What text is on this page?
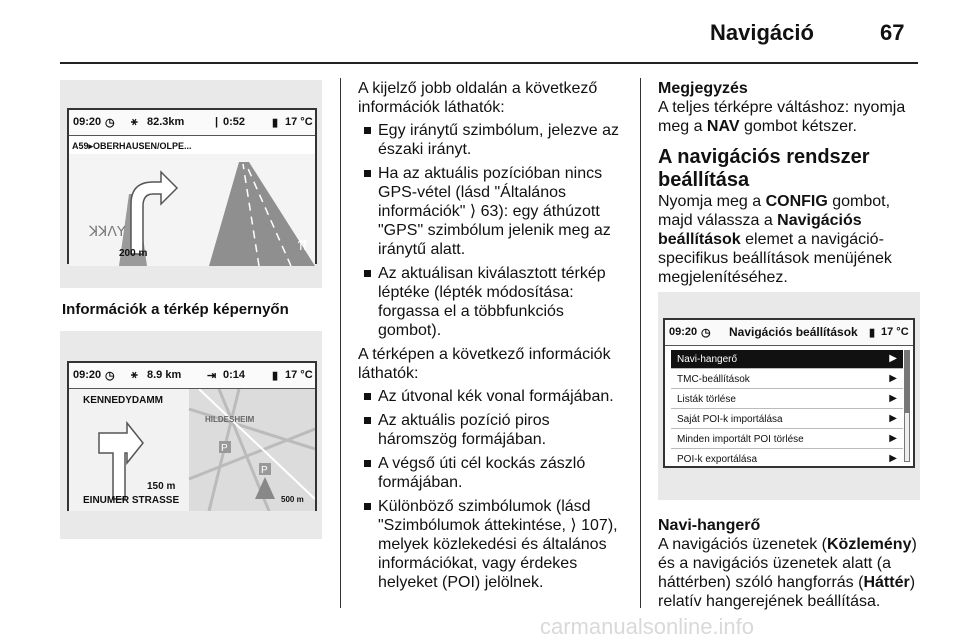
Navigáció	67
09:20 ◷ ⚹ 82.3km	| 0:52 ▮ 17 °C
A59▸OBERHAUSEN/OLPE...
ꓘꓘꓥꓬ
⇈
200 m
Információk a térkép képernyőn
09:20 ◷ ⚹ 8.9 km ⇥ 0:14 ▮ 17 °C
P
P
KENNEDYDAMM
HILDESHEIM
150 m
EINUMER STRASSE	500 m

A kijelző jobb oldalán a következő információk láthatók:

Egy iránytű szimbólum, jelezve az északi irányt.
Ha az aktuális pozícióban nincs GPS-vétel (lásd "Általános információk" ⟩ 63): egy áthúzott "GPS" szimbólum jelenik meg az iránytű alatt.
Az aktuálisan kiválasztott térkép léptéke (lépték módosítása: forgassa el a többfunkciós gombot).

A térképen a következő információk láthatók:

Az útvonal kék vonal formájában.
Az aktuális pozíció piros háromszög formájában.
A végső úti cél kockás zászló formájában.
Különböző szimbólumok (lásd "Szimbólumok áttekintése, ⟩ 107), melyek közlekedési és általános információkat, vagy érdekes helyeket (POI) jelölnek.
Megjegyzés

A teljes térképre váltáshoz: nyomja meg a NAV gombot kétszer.

A navigációs rendszer beállítása

Nyomja meg a CONFIG gombot, majd válassza a Navigációs beállítások elemet a navigáció-specifikus beállítások menüjének megjelenítéséhez.

09:20 ◷ Navigációs beállítások ▮ 17 °C
Navi-hangerő	▶
TMC-beállítások	▶
Listák törlése	▶
Saját POI-k importálása	▶
Minden importált POI törlése	▶
POI-k exportálása	▶
Navi-hangerő

A navigációs üzenetek (Közlemény) és a navigációs üzenetek alatt (a háttérben) szóló hangforrás (Háttér) relatív hangerejének beállítása.

carmanualsonline.info
